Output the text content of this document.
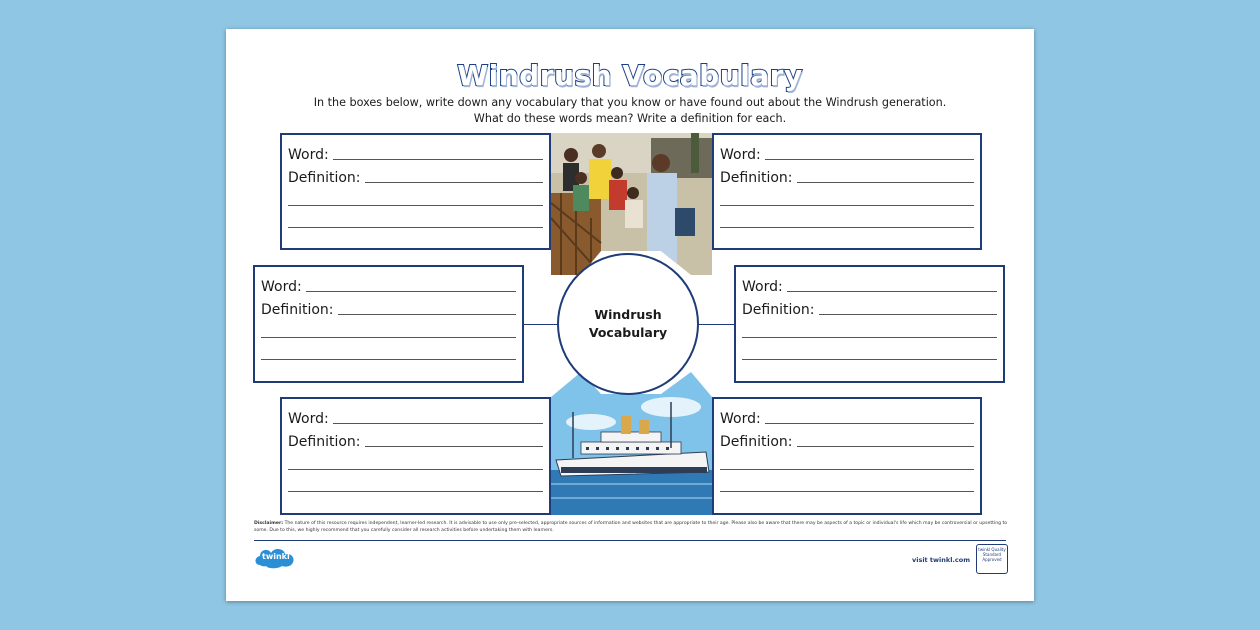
Windrush Vocabulary
In the boxes below, write down any vocabulary that you know or have found out about the Windrush generation.
What do these words mean? Write a definition for each.
Windrush
Vocabulary
Word:
Definition:
Word:
Definition:
Word:
Definition:
Word:
Definition:
Word:
Definition:
Word:
Definition:
Disclaimer: The nature of this resource requires independent, learner-led research. It is advisable to use only pre-selected, appropriate sources of information and websites that are appropriate to their age. Please also be aware that there may be aspects of a topic or individual's life which may be controversial or upsetting to some. Due to this, we highly recommend that you carefully consider all research activities before undertaking them with learners.
twinkl	visit twinkl.com
twinkl Quality Standard Approved
